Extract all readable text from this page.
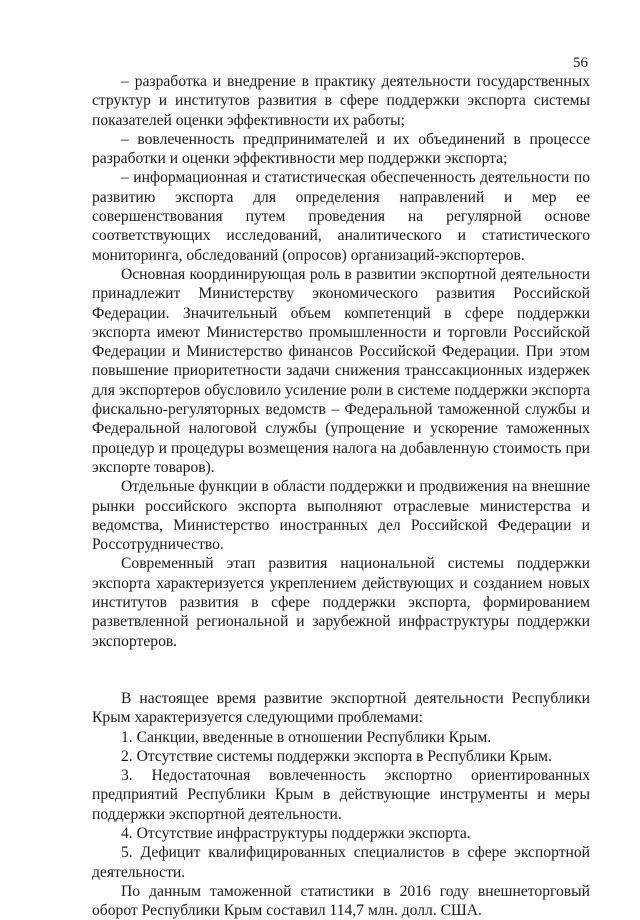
56

– разработка и внедрение в практику деятельности государственных структур и институтов развития в сфере поддержки экспорта системы показателей оценки эффективности их работы;

– вовлеченность предпринимателей и их объединений в процессе разработки и оценки эффективности мер поддержки экспорта;

– информационная и статистическая обеспеченность деятельности по развитию экспорта для определения направлений и мер ее совершенствования путем проведения на регулярной основе соответствующих исследований, аналитического и статистического мониторинга, обследований (опросов) организаций-экспортеров.

Основная координирующая роль в развитии экспортной деятельности принадлежит Министерству экономического развития Российской Федерации. Значительный объем компетенций в сфере поддержки экспорта имеют Министерство промышленности и торговли Российской Федерации и Министерство финансов Российской Федерации. При этом повышение приоритетности задачи снижения транссакционных издержек для экспортеров обусловило усиление роли в системе поддержки экспорта фискально-регуляторных ведомств – Федеральной таможенной службы и Федеральной налоговой службы (упрощение и ускорение таможенных процедур и процедуры возмещения налога на добавленную стоимость при экспорте товаров).

Отдельные функции в области поддержки и продвижения на внешние рынки российского экспорта выполняют отраслевые министерства и ведомства, Министерство иностранных дел Российской Федерации и Россотрудничество.

Современный этап развития национальной системы поддержки экспорта характеризуется укреплением действующих и созданием новых институтов развития в сфере поддержки экспорта, формированием разветвленной региональной и зарубежной инфраструктуры поддержки экспортеров.

В настоящее время развитие экспортной деятельности Республики Крым характеризуется следующими проблемами:

1. Санкции, введенные в отношении Республики Крым.

2. Отсутствие системы поддержки экспорта в Республики Крым.

3. Недостаточная вовлеченность экспортно ориентированных предприятий Республики Крым в действующие инструменты и меры поддержки экспортной деятельности.

4. Отсутствие инфраструктуры поддержки экспорта.

5. Дефицит квалифицированных специалистов в сфере экспортной деятельности.

По данным таможенной статистики в 2016 году внешнеторговый оборот Республики Крым составил 114,7 млн. долл. США.
